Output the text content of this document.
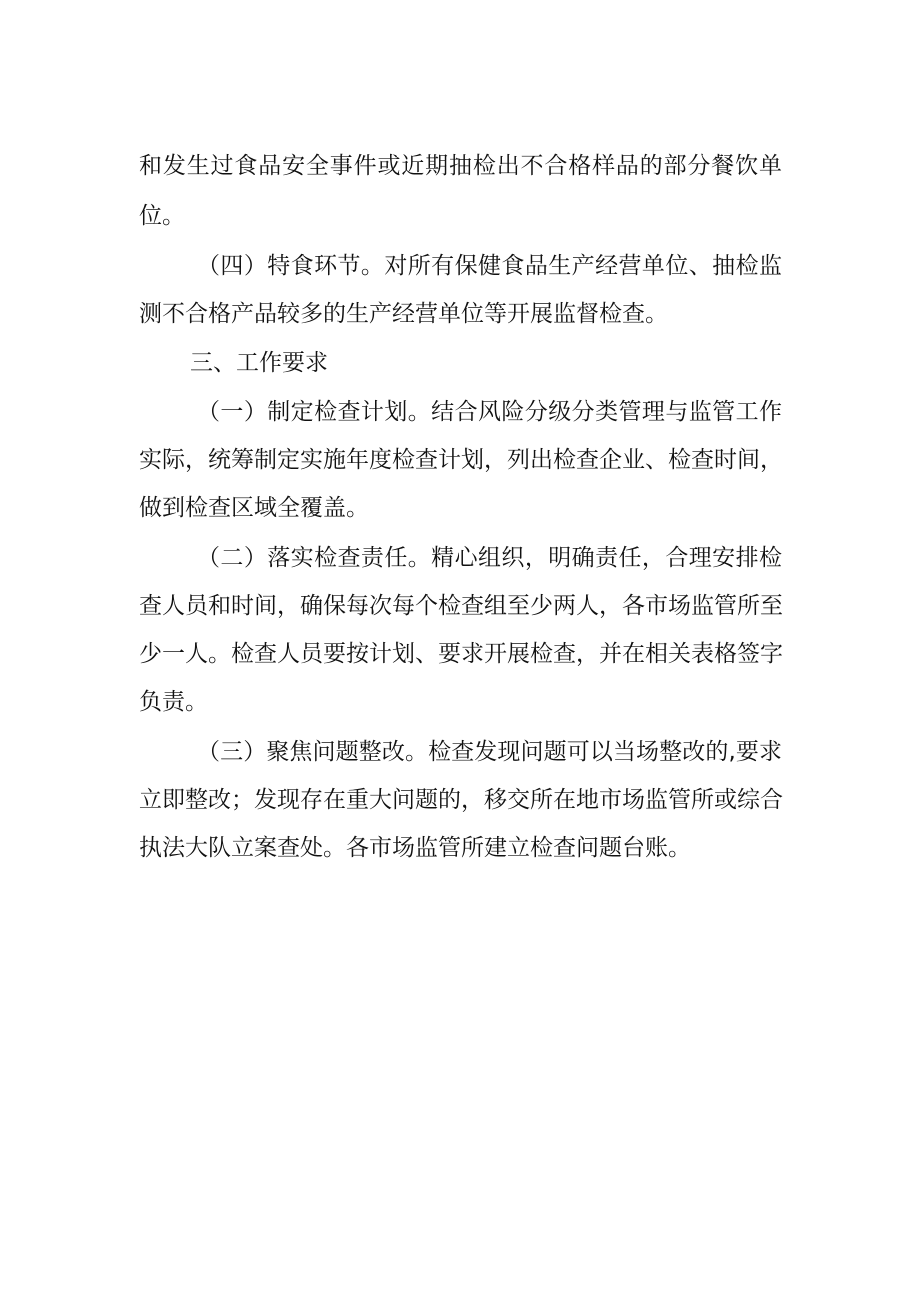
和发生过食品安全事件或近期抽检出不合格样品的部分餐饮单
位。
（四）特食环节。对所有保健食品生产经营单位、抽检监
测不合格产品较多的生产经营单位等开展监督检查。
三、工作要求
（一）制定检查计划。结合风险分级分类管理与监管工作
实际，统筹制定实施年度检查计划，列出检查企业、检查时间，
做到检查区域全覆盖。
（二）落实检查责任。精心组织，明确责任，合理安排检
查人员和时间，确保每次每个检查组至少两人，各市场监管所至
少一人。检查人员要按计划、要求开展检查，并在相关表格签字
负责。
（三）聚焦问题整改。检查发现问题可以当场整改的,要求
立即整改；发现存在重大问题的，移交所在地市场监管所或综合
执法大队立案查处。各市场监管所建立检查问题台账。
